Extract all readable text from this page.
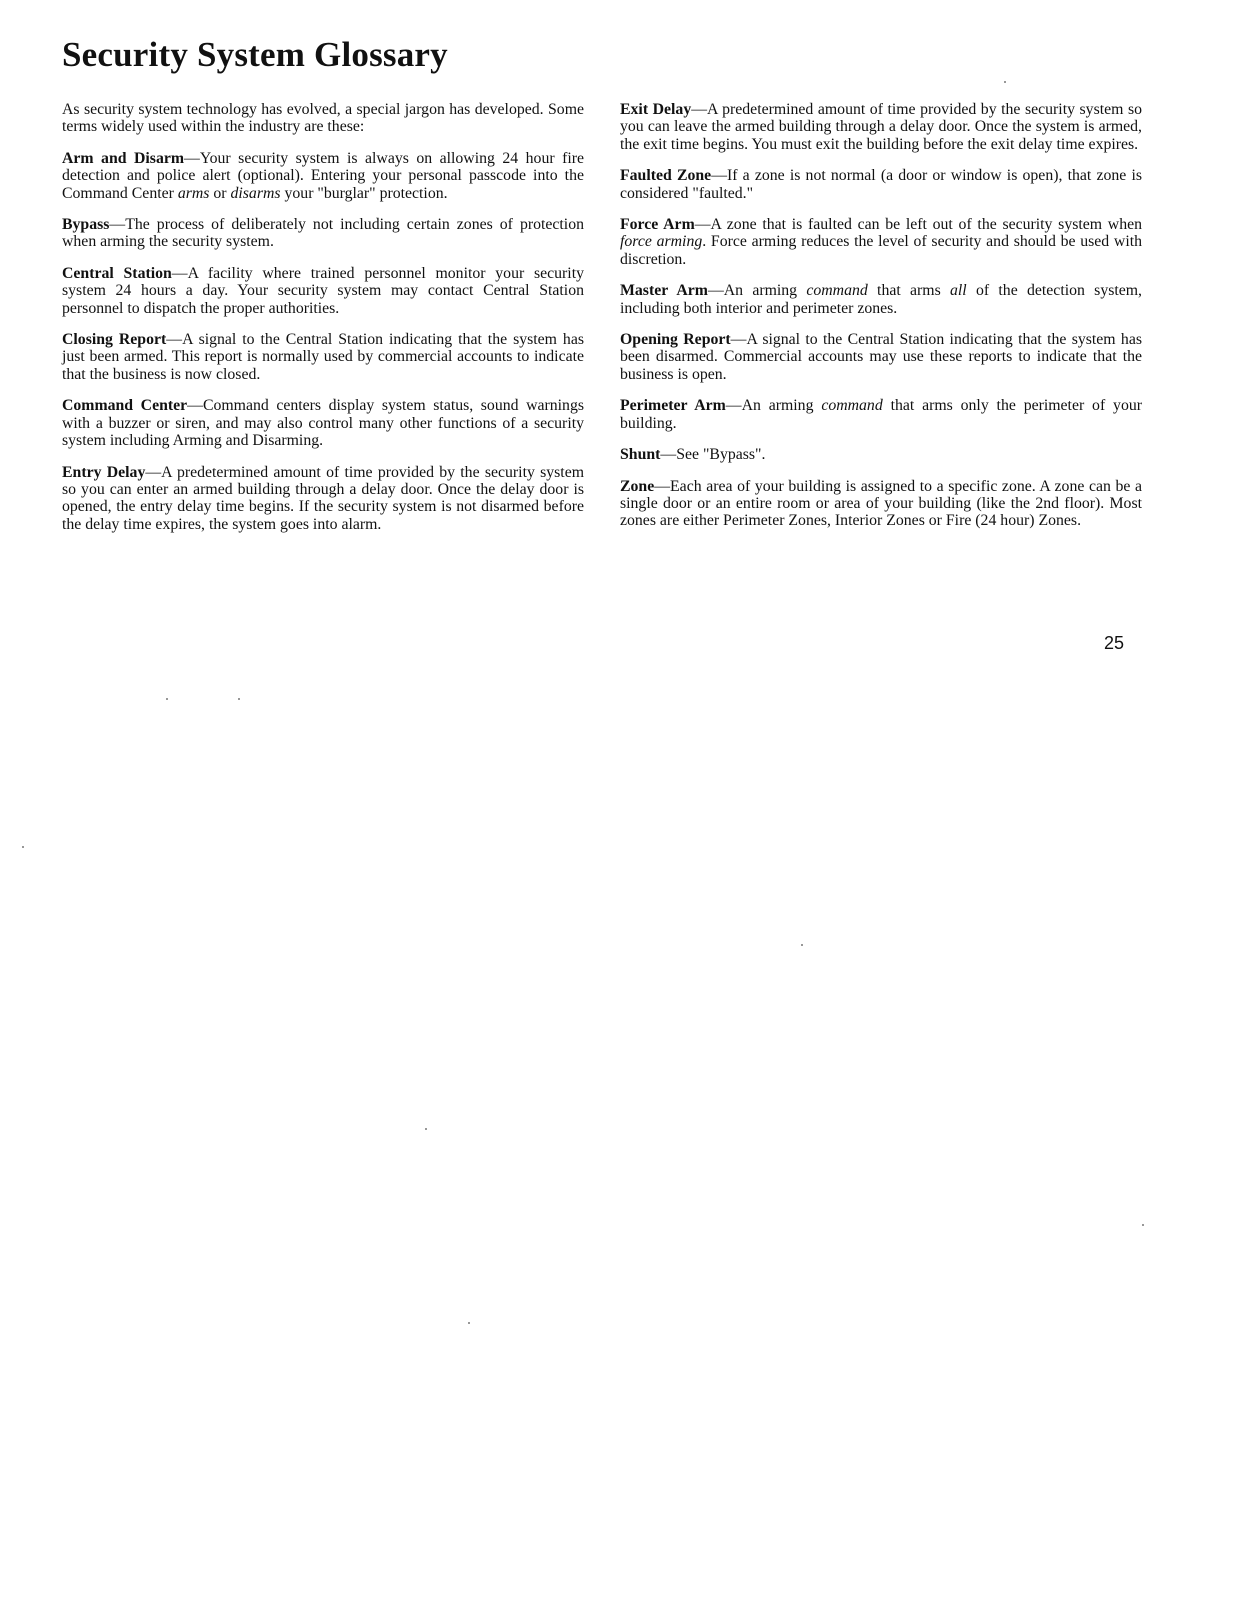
Security System Glossary

As security system technology has evolved, a special jargon has developed. Some terms widely used within the industry are these:

Arm and Disarm—Your security system is always on allowing 24 hour fire detection and police alert (optional). Entering your personal passcode into the Command Center arms or disarms your "burglar" protection.

Bypass—The process of deliberately not including certain zones of protection when arming the security system.

Central Station—A facility where trained personnel monitor your security system 24 hours a day. Your security system may contact Central Station personnel to dispatch the proper authorities.

Closing Report—A signal to the Central Station indicating that the system has just been armed. This report is normally used by commercial accounts to indicate that the business is now closed.

Command Center—Command centers display system status, sound warnings with a buzzer or siren, and may also control many other functions of a security system including Arming and Disarming.

Entry Delay—A predetermined amount of time provided by the security system so you can enter an armed building through a delay door. Once the delay door is opened, the entry delay time begins. If the security system is not disarmed before the delay time expires, the system goes into alarm.

Exit Delay—A predetermined amount of time provided by the security system so you can leave the armed building through a delay door. Once the system is armed, the exit time begins. You must exit the building before the exit delay time expires.

Faulted Zone—If a zone is not normal (a door or window is open), that zone is considered "faulted."

Force Arm—A zone that is faulted can be left out of the security system when force arming. Force arming reduces the level of security and should be used with discretion.

Master Arm—An arming command that arms all of the detection system, including both interior and perimeter zones.

Opening Report—A signal to the Central Station indicating that the system has been disarmed. Commercial accounts may use these reports to indicate that the business is open.

Perimeter Arm—An arming command that arms only the perimeter of your building.

Shunt—See "Bypass".

Zone—Each area of your building is assigned to a specific zone. A zone can be a single door or an entire room or area of your building (like the 2nd floor). Most zones are either Perimeter Zones, Interior Zones or Fire (24 hour) Zones.

25
